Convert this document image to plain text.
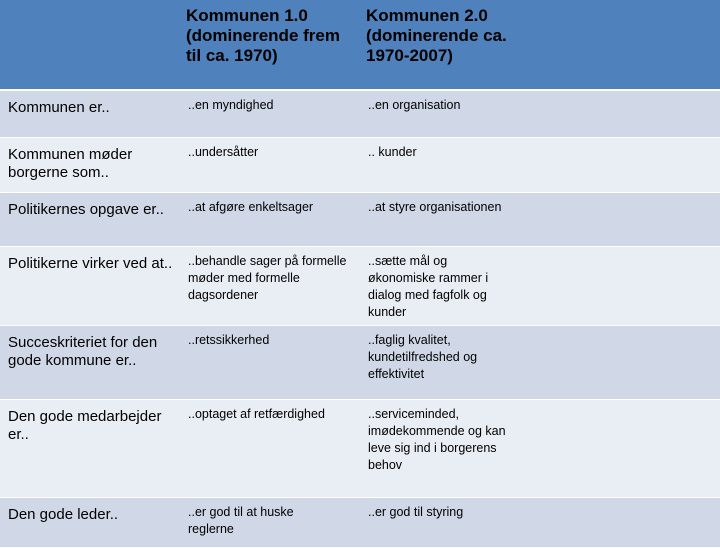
	Kommunen 1.0 (dominerende frem til ca. 1970)	Kommunen 2.0 (dominerende ca. 1970-2007)

Kommunen er..	..en myndighed	..en organisation
Kommunen møder borgerne som..	..undersåtter	.. kunder
Politikernes opgave er..	..at afgøre enkeltsager	..at styre organisationen
Politikerne virker ved at..	..behandle sager på formelle møder med formelle dagsordener	..sætte mål og økonomiske rammer i dialog med fagfolk og kunder

Succeskriteriet for den gode kommune er..	..retssikkerhed	..faglig kvalitet, kundetilfredshed og effektivitet

Den gode medarbejder er..	..optaget af retfærdighed	..serviceminded, imødekommende og kan leve sig ind i borgerens behov

Den gode leder..	..er god til at huske reglerne	..er god til styring
